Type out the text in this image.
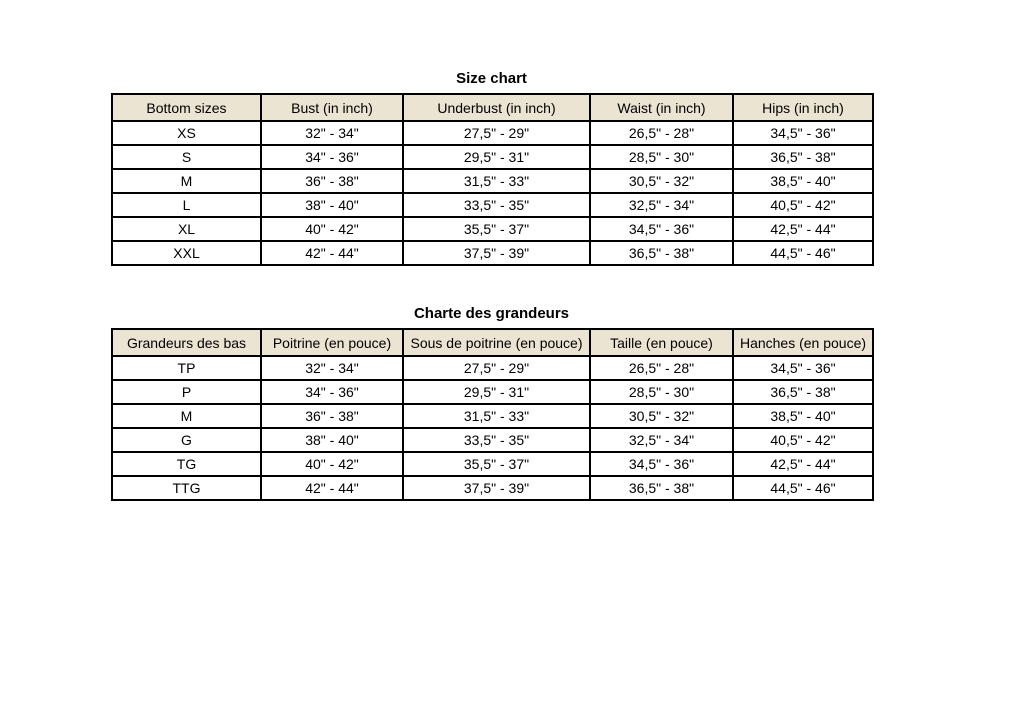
Size chart
Bottom sizes	Bust (in inch)	Underbust (in inch)	Waist (in inch)	Hips (in inch)
XS	32" - 34"	27,5" - 29"	26,5" - 28"	34,5" - 36"
S	34" - 36"	29,5" - 31"	28,5" - 30"	36,5" - 38"
M	36" - 38"	31,5" - 33"	30,5" - 32"	38,5" - 40"
L	38" - 40"	33,5" - 35"	32,5" - 34"	40,5" - 42"
XL	40" - 42"	35,5" - 37"	34,5" - 36"	42,5" - 44"
XXL	42" - 44"	37,5" - 39"	36,5" - 38"	44,5" - 46"
Charte des grandeurs
Grandeurs des bas	Poitrine (en pouce)	Sous de poitrine (en pouce)	Taille (en pouce)	Hanches (en pouce)
TP	32" - 34"	27,5" - 29"	26,5" - 28"	34,5" - 36"
P	34" - 36"	29,5" - 31"	28,5" - 30"	36,5" - 38"
M	36" - 38"	31,5" - 33"	30,5" - 32"	38,5" - 40"
G	38" - 40"	33,5" - 35"	32,5" - 34"	40,5" - 42"
TG	40" - 42"	35,5" - 37"	34,5" - 36"	42,5" - 44"
TTG	42" - 44"	37,5" - 39"	36,5" - 38"	44,5" - 46"
